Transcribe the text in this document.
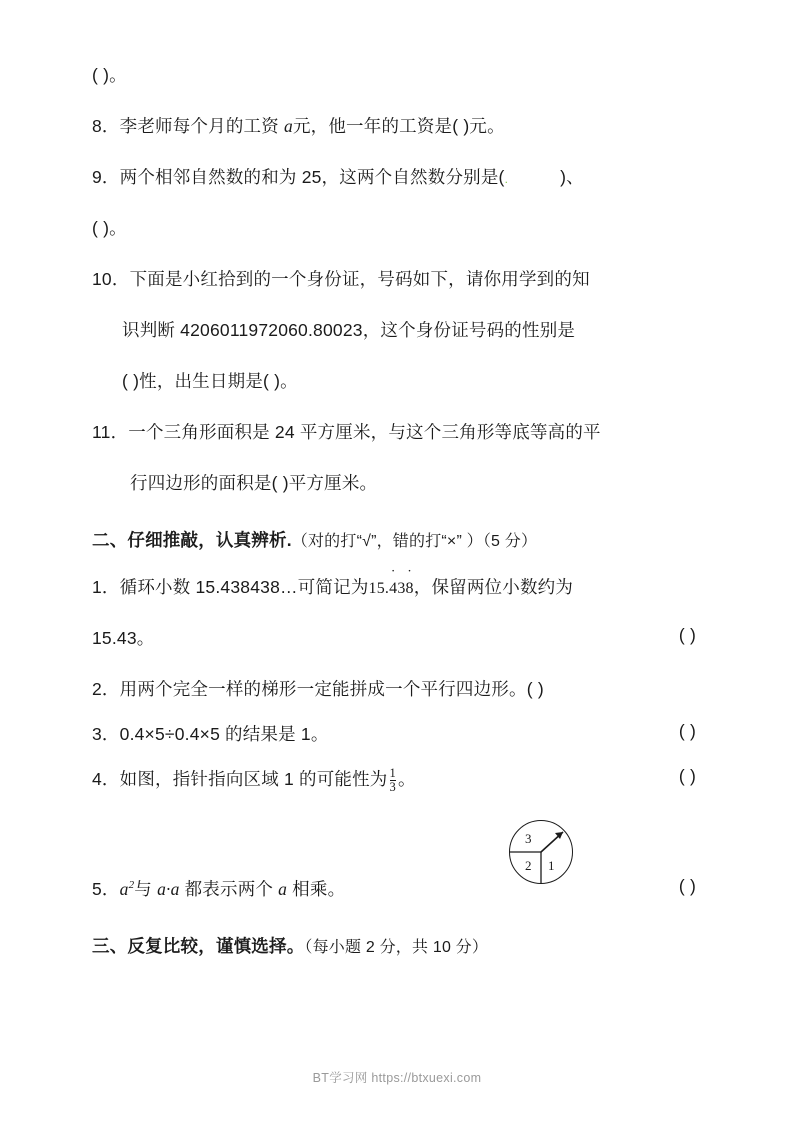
( )。
8．李老师每个月的工资 a元，他一年的工资是( )元。
9．两个相邻自然数的和为 25，这两个自然数分别是(.	)、
( )。
10．下面是小红拾到的一个身份证，号码如下，请你用学到的知
识判断 4206011972060.80023，这个身份证号码的性别是
( )性，出生日期是( )。
11．一个三角形面积是 24 平方厘米，与这个三角形等底等高的平
行四边形的面积是( )平方厘米。
二、仔细推敲，认真辨析.（对的打“√”，错的打“×” ）（5 分）
1．循环小数 15.438438…可简记为15.˙ 43˙ 8，保留两位小数约为
15.43。	( )
2．用两个完全一样的梯形一定能拼成一个平行四边形。( )
3．0.4×5÷0.4×5 的结果是 1。	( )
4．如图，指针指向区域 1 的可能性为 $\frac{1}{3}$ 。	( )
5．$a^2$与 a·a 都表示两个 a 相乘。	( )
三、反复比较，谨慎选择。（每小题 2 分，共 10 分）
3
2 1
BT学习网 https://btxuexi.com
